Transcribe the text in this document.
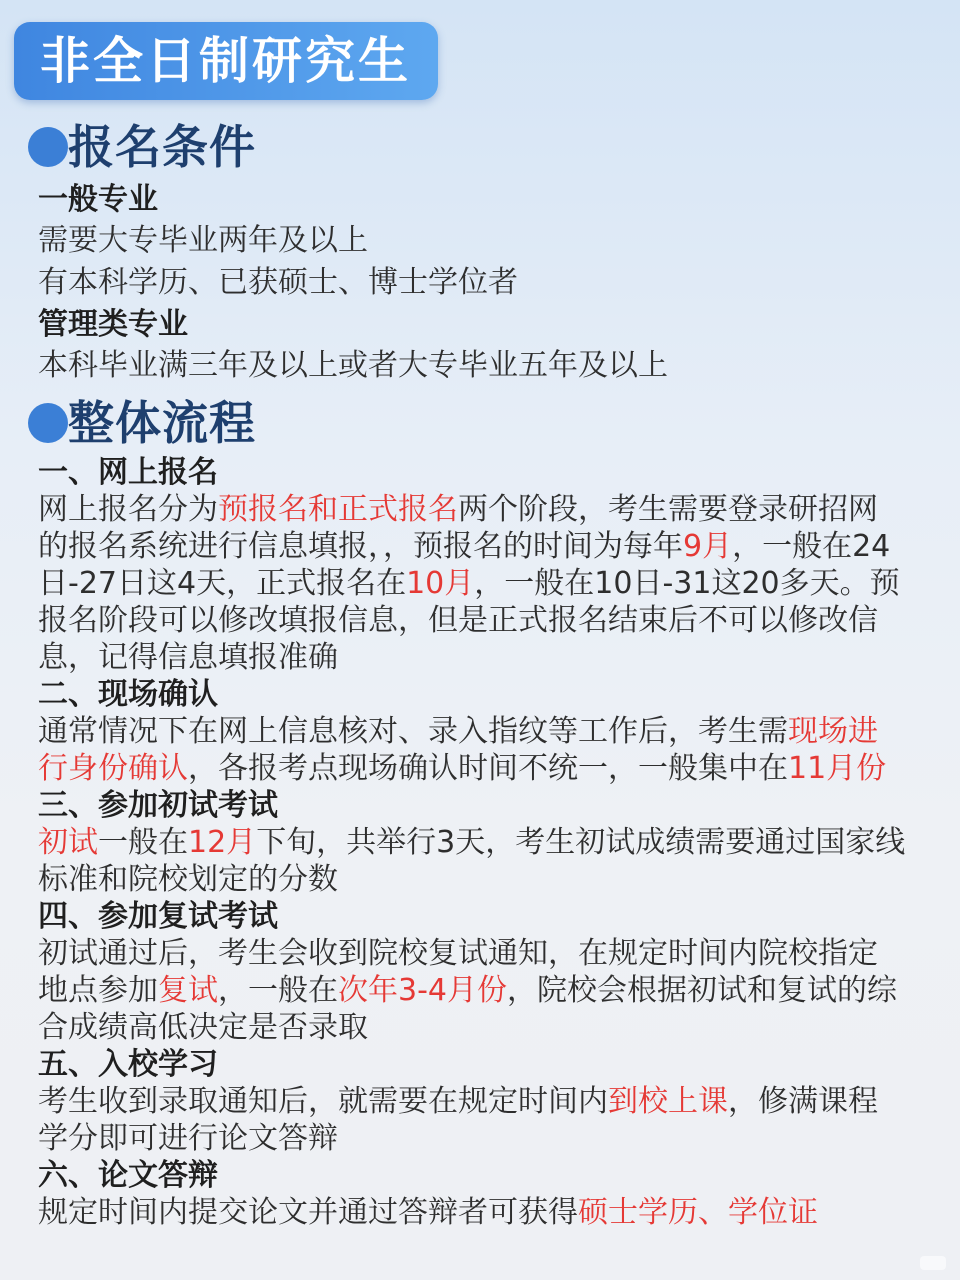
非全日制研究生
报名条件
一般专业
需要大专毕业两年及以上
有本科学历、已获硕士、博士学位者
管理类专业
本科毕业满三年及以上或者大专毕业五年及以上
整体流程
一、网上报名
网上报名分为预报名和正式报名两个阶段，考生需要登录研招网
的报名系统进行信息填报，，预报名的时间为每年9月，一般在24
日-27日这4天，正式报名在10月，一般在10日-31这20多天。预
报名阶段可以修改填报信息，但是正式报名结束后不可以修改信
息，记得信息填报准确
二、现场确认
通常情况下在网上信息核对、录入指纹等工作后，考生需现场进
行身份确认，各报考点现场确认时间不统一，一般集中在11月份
三、参加初试考试
初试一般在12月下旬，共举行3天，考生初试成绩需要通过国家线
标准和院校划定的分数
四、参加复试考试
初试通过后，考生会收到院校复试通知，在规定时间内院校指定
地点参加复试，一般在次年3-4月份，院校会根据初试和复试的综
合成绩高低决定是否录取
五、入校学习
考生收到录取通知后，就需要在规定时间内到校上课，修满课程
学分即可进行论文答辩
六、论文答辩
规定时间内提交论文并通过答辩者可获得硕士学历、学位证
